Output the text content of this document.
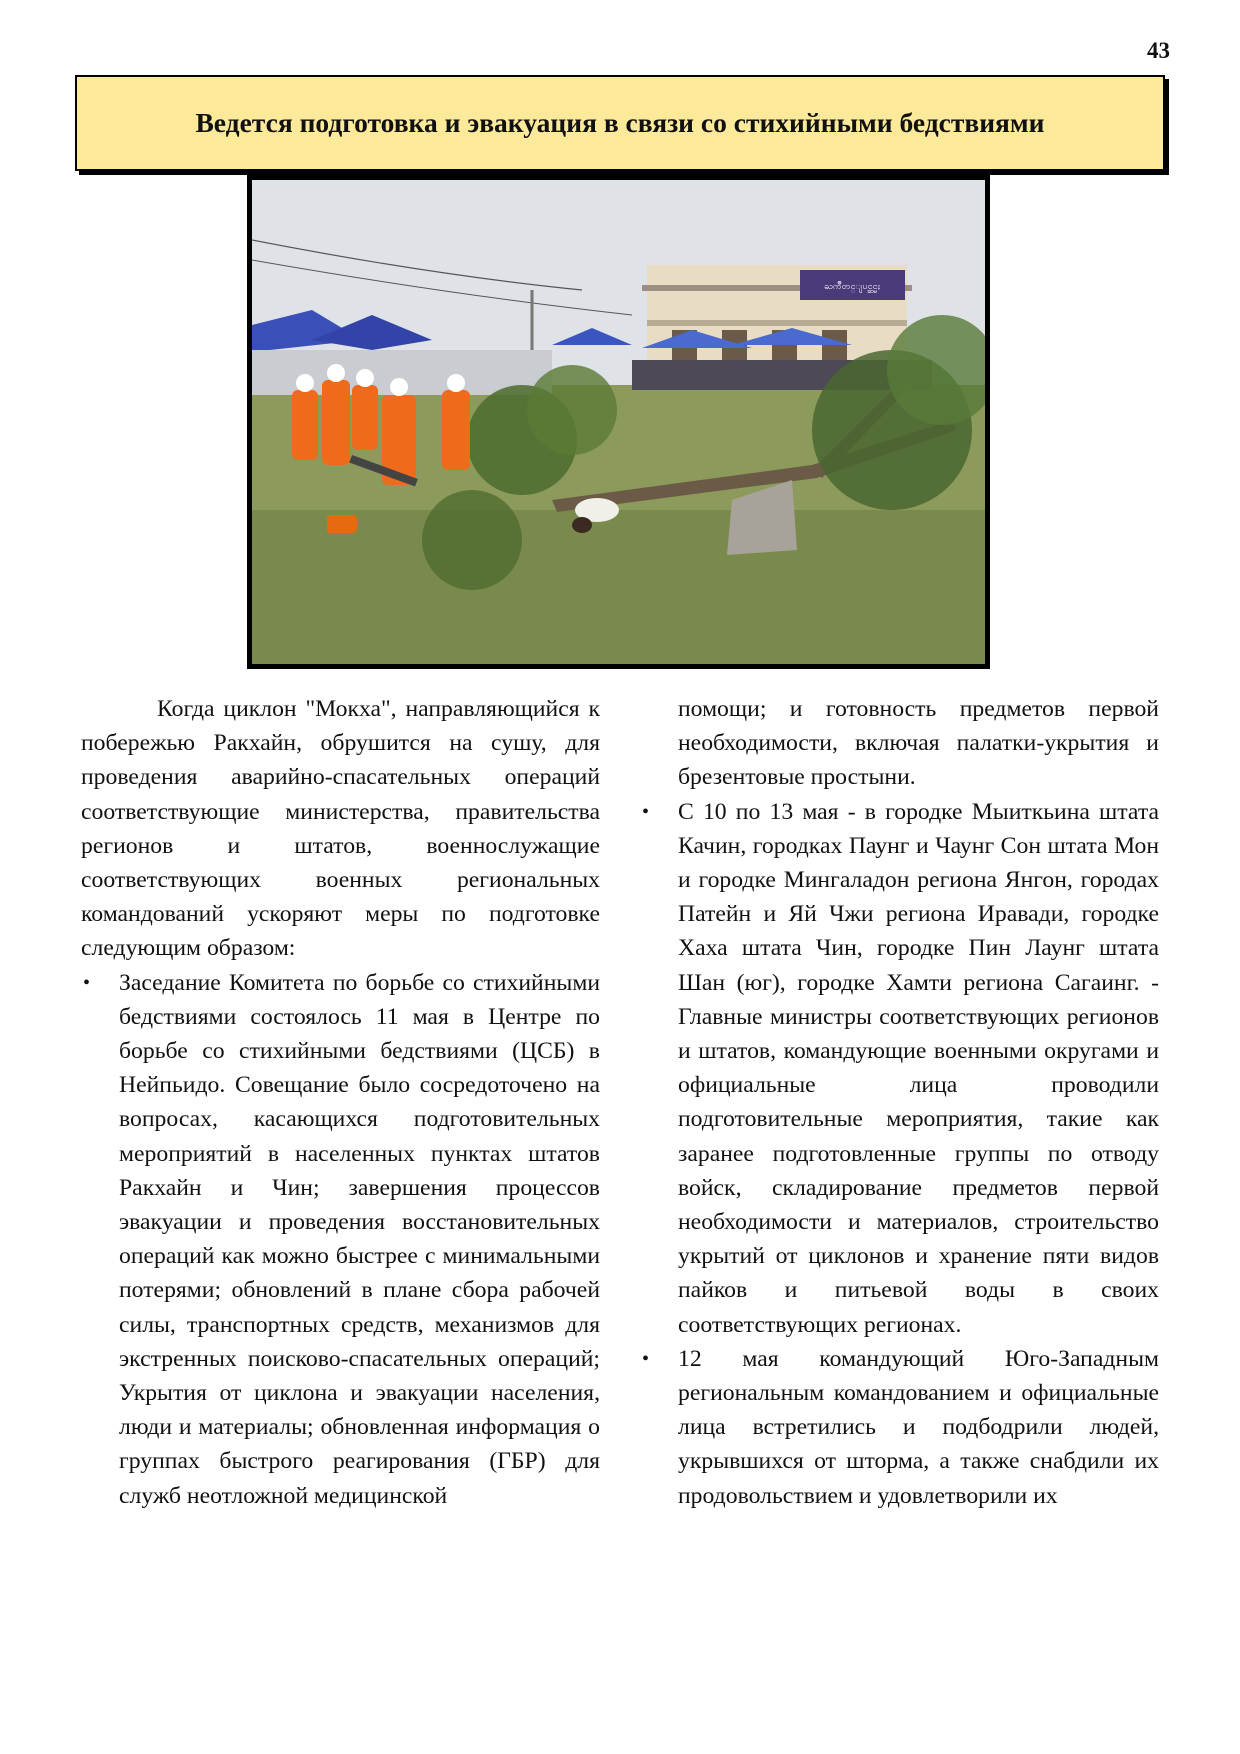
43
Ведется подготовка и эвакуация в связи со стихийными бедствиями
ႀကိဳတင္ျပင္ဆင္မႈ

Когда циклон "Мокха", направляющийся к побережью Ракхайн, обрушится на сушу, для проведения аварийно-спасательных операций соответствующие министерства, правительства регионов и штатов, военнослужащие соответствующих военных региональных командований ускоряют меры по подготовке следующим образом:

• Заседание Комитета по борьбе со стихийными бедствиями состоялось 11 мая в Центре по борьбе со стихийными бедствиями (ЦСБ) в Нейпьидо. Совещание было сосредоточено на вопросах, касающихся подготовительных мероприятий в населенных пунктах штатов Ракхайн и Чин; завершения процессов эвакуации и проведения восстановительных операций как можно быстрее с минимальными потерями; обновлений в плане сбора рабочей силы, транспортных средств, механизмов для экстренных поисково-спасательных операций; Укрытия от циклона и эвакуации населения, люди и материалы; обновленная информация о группах быстрого реагирования (ГБР) для служб неотложной медицинской

помощи; и готовность предметов первой необходимости, включая палатки-укрытия и брезентовые простыни.

• С 10 по 13 мая - в городке Мыиткьина штата Качин, городках Паунг и Чаунг Сон штата Мон и городке Мингаладон региона Янгон, городах Патейн и Яй Чжи региона Иравади, городке Хаха штата Чин, городке Пин Лаунг штата Шан (юг), городке Хамти региона Сагаинг. - Главные министры соответствующих регионов и штатов, командующие военными округами и официальные лица проводили подготовительные мероприятия, такие как заранее подготовленные группы по отводу войск, складирование предметов первой необходимости и материалов, строительство укрытий от циклонов и хранение пяти видов пайков и питьевой воды в своих соответствующих регионах.
• 12 мая командующий Юго-Западным региональным командованием и официальные лица встретились и подбодрили людей, укрывшихся от шторма, а также снабдили их продовольствием и удовлетворили их
